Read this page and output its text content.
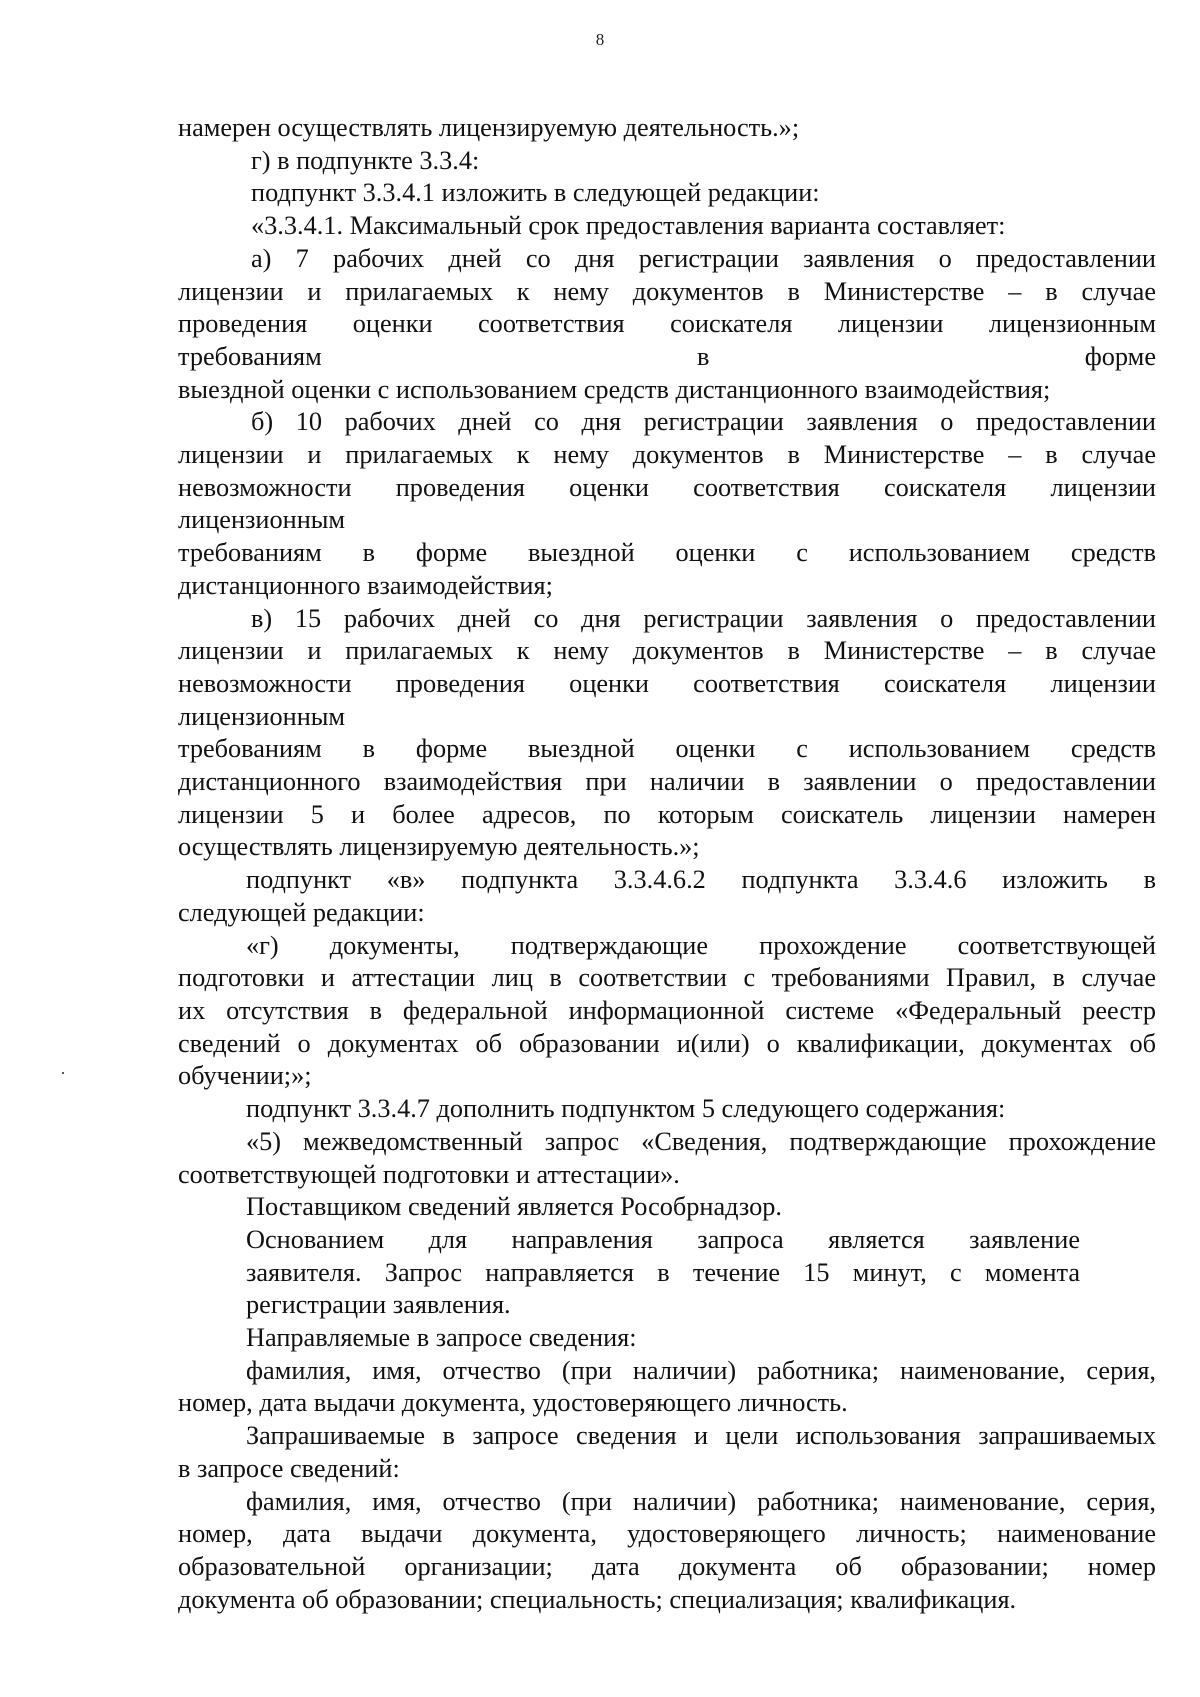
8
намерен осуществлять лицензируемую деятельность.»;
г) в подпункте 3.3.4:
подпункт 3.3.4.1 изложить в следующей редакции:
«3.3.4.1. Максимальный срок предоставления варианта составляет:
а) 7 рабочих дней со дня регистрации заявления о предоставлении
лицензии и прилагаемых к нему документов в Министерстве – в случае
проведения оценки соответствия соискателя лицензии лицензионным
требованиям в форме
выездной оценки с использованием средств дистанционного взаимодействия;
б) 10 рабочих дней со дня регистрации заявления о предоставлении
лицензии и прилагаемых к нему документов в Министерстве – в случае
невозможности проведения оценки соответствия соискателя лицензии
лицензионным
требованиям в форме выездной оценки с использованием средств
дистанционного взаимодействия;
в) 15 рабочих дней со дня регистрации заявления о предоставлении
лицензии и прилагаемых к нему документов в Министерстве – в случае
невозможности проведения оценки соответствия соискателя лицензии
лицензионным
требованиям в форме выездной оценки с использованием средств
дистанционного взаимодействия при наличии в заявлении о предоставлении
лицензии 5 и более адресов, по которым соискатель лицензии намерен
осуществлять лицензируемую деятельность.»;
подпункт «в» подпункта 3.3.4.6.2 подпункта 3.3.4.6 изложить в
следующей редакции:
«г) документы, подтверждающие прохождение соответствующей
подготовки и аттестации лиц в соответствии с требованиями Правил, в случае
их отсутствия в федеральной информационной системе «Федеральный реестр
сведений о документах об образовании и(или) о квалификации, документах об
обучении;»;
подпункт 3.3.4.7 дополнить подпунктом 5 следующего содержания:
«5) межведомственный запрос «Сведения, подтверждающие прохождение
соответствующей подготовки и аттестации».
Поставщиком сведений является Рособрнадзор.
Основанием для направления запроса является заявление
заявителя. Запрос направляется в течение 15 минут, с момента
регистрации заявления.
Направляемые в запросе сведения:
фамилия, имя, отчество (при наличии) работника; наименование, серия,
номер, дата выдачи документа, удостоверяющего личность.
Запрашиваемые в запросе сведения и цели использования запрашиваемых
в запросе сведений:
фамилия, имя, отчество (при наличии) работника; наименование, серия,
номер, дата выдачи документа, удостоверяющего личность; наименование
образовательной организации; дата документа об образовании; номер
документа об образовании; специальность; специализация; квалификация.
